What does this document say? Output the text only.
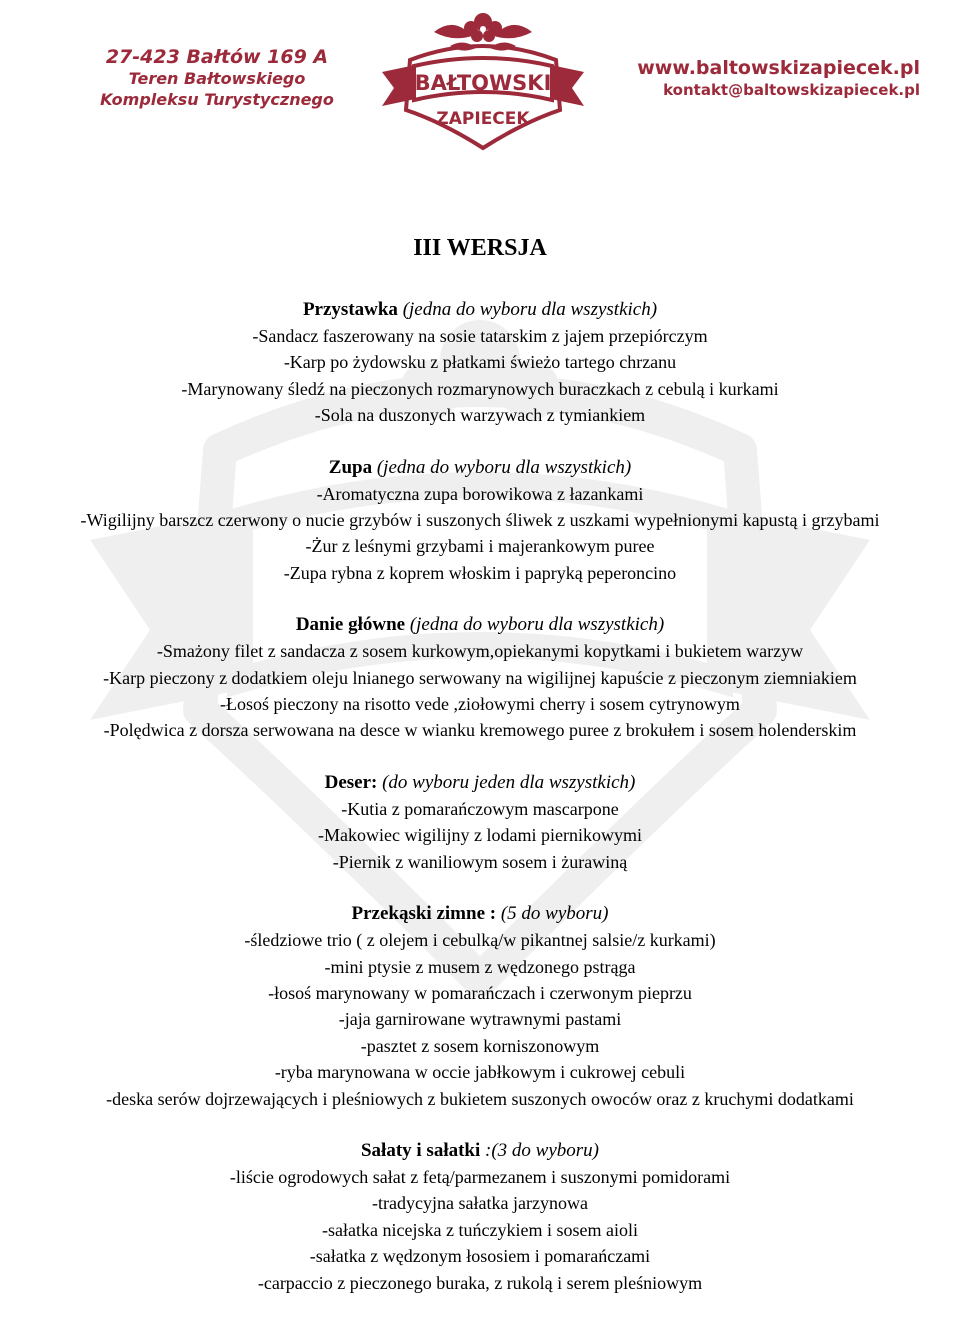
27-423 Bałtów 169 A
Teren Bałtowskiego
Kompleksu Turystycznego
BAŁTOWSKI
ZAPIECEK
www.baltowskizapiecek.pl
kontakt@baltowskizapiecek.pl
III WERSJA
Przystawka (jedna do wyboru dla wszystkich)
-Sandacz faszerowany na sosie tatarskim z jajem przepiórczym
-Karp po żydowsku z płatkami świeżo tartego chrzanu
-Marynowany śledź na pieczonych rozmarynowych buraczkach z cebulą i kurkami
-Sola na duszonych warzywach z tymiankiem
Zupa (jedna do wyboru dla wszystkich)
-Aromatyczna zupa borowikowa z łazankami
-Wigilijny barszcz czerwony o nucie grzybów i suszonych śliwek z uszkami wypełnionymi kapustą i grzybami
-Żur z leśnymi grzybami i majerankowym puree
-Zupa rybna z koprem włoskim i papryką peperoncino
Danie główne (jedna do wyboru dla wszystkich)
-Smażony filet z sandacza z sosem kurkowym,opiekanymi kopytkami i bukietem warzyw
-Karp pieczony z dodatkiem oleju lnianego serwowany na wigilijnej kapuście z pieczonym ziemniakiem
-Łosoś pieczony na risotto vede ,ziołowymi cherry i sosem cytrynowym
-Polędwica z dorsza serwowana na desce w wianku kremowego puree z brokułem i sosem holenderskim
Deser: (do wyboru jeden dla wszystkich)
-Kutia z pomarańczowym mascarpone
-Makowiec wigilijny z lodami piernikowymi
-Piernik z waniliowym sosem i żurawiną
Przekąski zimne : (5 do wyboru)
-śledziowe trio ( z olejem i cebulką/w pikantnej salsie/z kurkami)
-mini ptysie z musem z wędzonego pstrąga
-łosoś marynowany w pomarańczach i czerwonym pieprzu
-jaja garnirowane wytrawnymi pastami
-pasztet z sosem korniszonowym
-ryba marynowana w occie jabłkowym i cukrowej cebuli
-deska serów dojrzewających i pleśniowych z bukietem suszonych owoców oraz z kruchymi dodatkami
Sałaty i sałatki :(3 do wyboru)
-liście ogrodowych sałat z fetą/parmezanem i suszonymi pomidorami
-tradycyjna sałatka jarzynowa
-sałatka nicejska z tuńczykiem i sosem aioli
-sałatka z wędzonym łososiem i pomarańczami
-carpaccio z pieczonego buraka, z rukolą i serem pleśniowym
